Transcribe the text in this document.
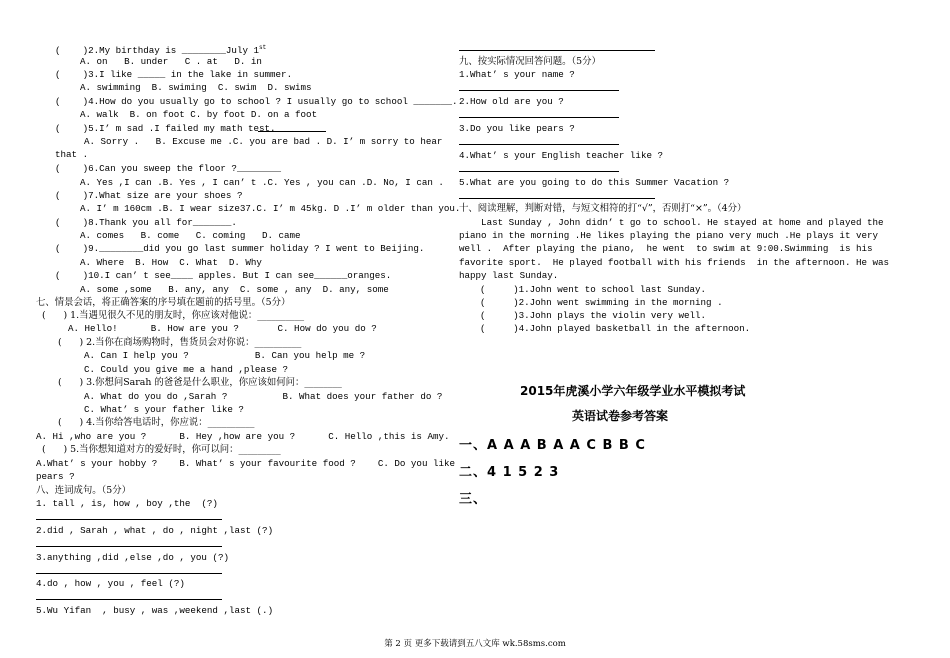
(    )2.My birthday is ________July 1st
A. on   B. under   C . at   D. in
(    )3.I like _____ in the lake in summer.
A. swimming  B. swiming  C. swim  D. swims
(    )4.How do you usually go to school ? I usually go to school _______.
A. walk  B. on foot C. by foot D. on a foot
(    )5.I’ m sad .I failed my math test.
A. Sorry .   B. Excuse me .C. you are bad . D. I’ m sorry to hear
that .
(    )6.Can you sweep the floor ?________
A. Yes ,I can .B. Yes , I can’ t .C. Yes , you can .D. No, I can .
(    )7.What size are your shoes ?
A. I’ m 160cm .B. I wear size37.C. I’ m 45kg. D .I’ m older than you.
(    )8.Thank you all for_______.
A. comes   B. come   C. coming   D. came
(    )9.________did you go last summer holiday ? I went to Beijing.
A. Where  B. How  C. What  D. Why
(    )10.I can’ t see____ apples. But I can see______oranges.
A. some ,some   B. any, any  C. some , any  D. any, some
七、情景会话，将正确答案的序号填在题前的括号里。（5分）
(      ) 1.当遇见很久不见的朋友时，你应该对他说：__________
A. Hello!      B. How are you ?       C. How do you do ?
(      ) 2.当你在商场购物时，售货员会对你说：__________
A. Can I help you ?            B. Can you help me ?
C. Could you give me a hand ,please ?
(      ) 3.你想问Sarah 的爸爸是什么职业，你应该如何问：________
A. What do you do ,Sarah ?          B. What does your father do ?
C. What’ s your father like ?
(      ) 4.当你给答电话时，你应说：__________
A. Hi ,who are you ?      B. Hey ,how are you ?      C. Hello ,this is Amy.
(      ) 5.当你想知道对方的爱好时，你可以问：_________
A.What’ s your hobby ?    B. What’ s your favourite food ?    C. Do you like
pears ?
八、连词成句。（5分）
1. tall , is, how , boy ,the  (?)
2.did , Sarah , what , do , night ,last (?)
3.anything ,did ,else ,do , you (?)
4.do , how , you , feel (?)
5.Wu Yifan  , busy , was ,weekend ,last (.)
九、按实际情况回答问题。（5分）
1.What’ s your name ?
2.How old are you ?
3.Do you like pears ?
4.What’ s your English teacher like ?
5.What are you going to do this Summer Vacation ?
十、阅读理解，判断对错，与短文相符的打“√”，否则打“×”。（4分）
Last Sunday , John didn’ t go to school. He stayed at home and played the
piano in the morning .He likes playing the piano very much .He plays it very
well .  After playing the piano,  he went  to swim at 9:00.Swimming  is his
favorite sport.  He played football with his friends  in the afternoon. He was
happy last Sunday.
(     )1.John went to school last Sunday.
(     )2.John went swimming in the morning .
(     )3.John plays the violin very well.
(     )4.John played basketball in the afternoon.
2015年虎溪小学六年级学业水平模拟考试
英语试卷参考答案
一、A A A B A A C B B C
二、4 1 5 2 3
三、
第 2 页 更多下载请到五八文库 wk.58sms.com
